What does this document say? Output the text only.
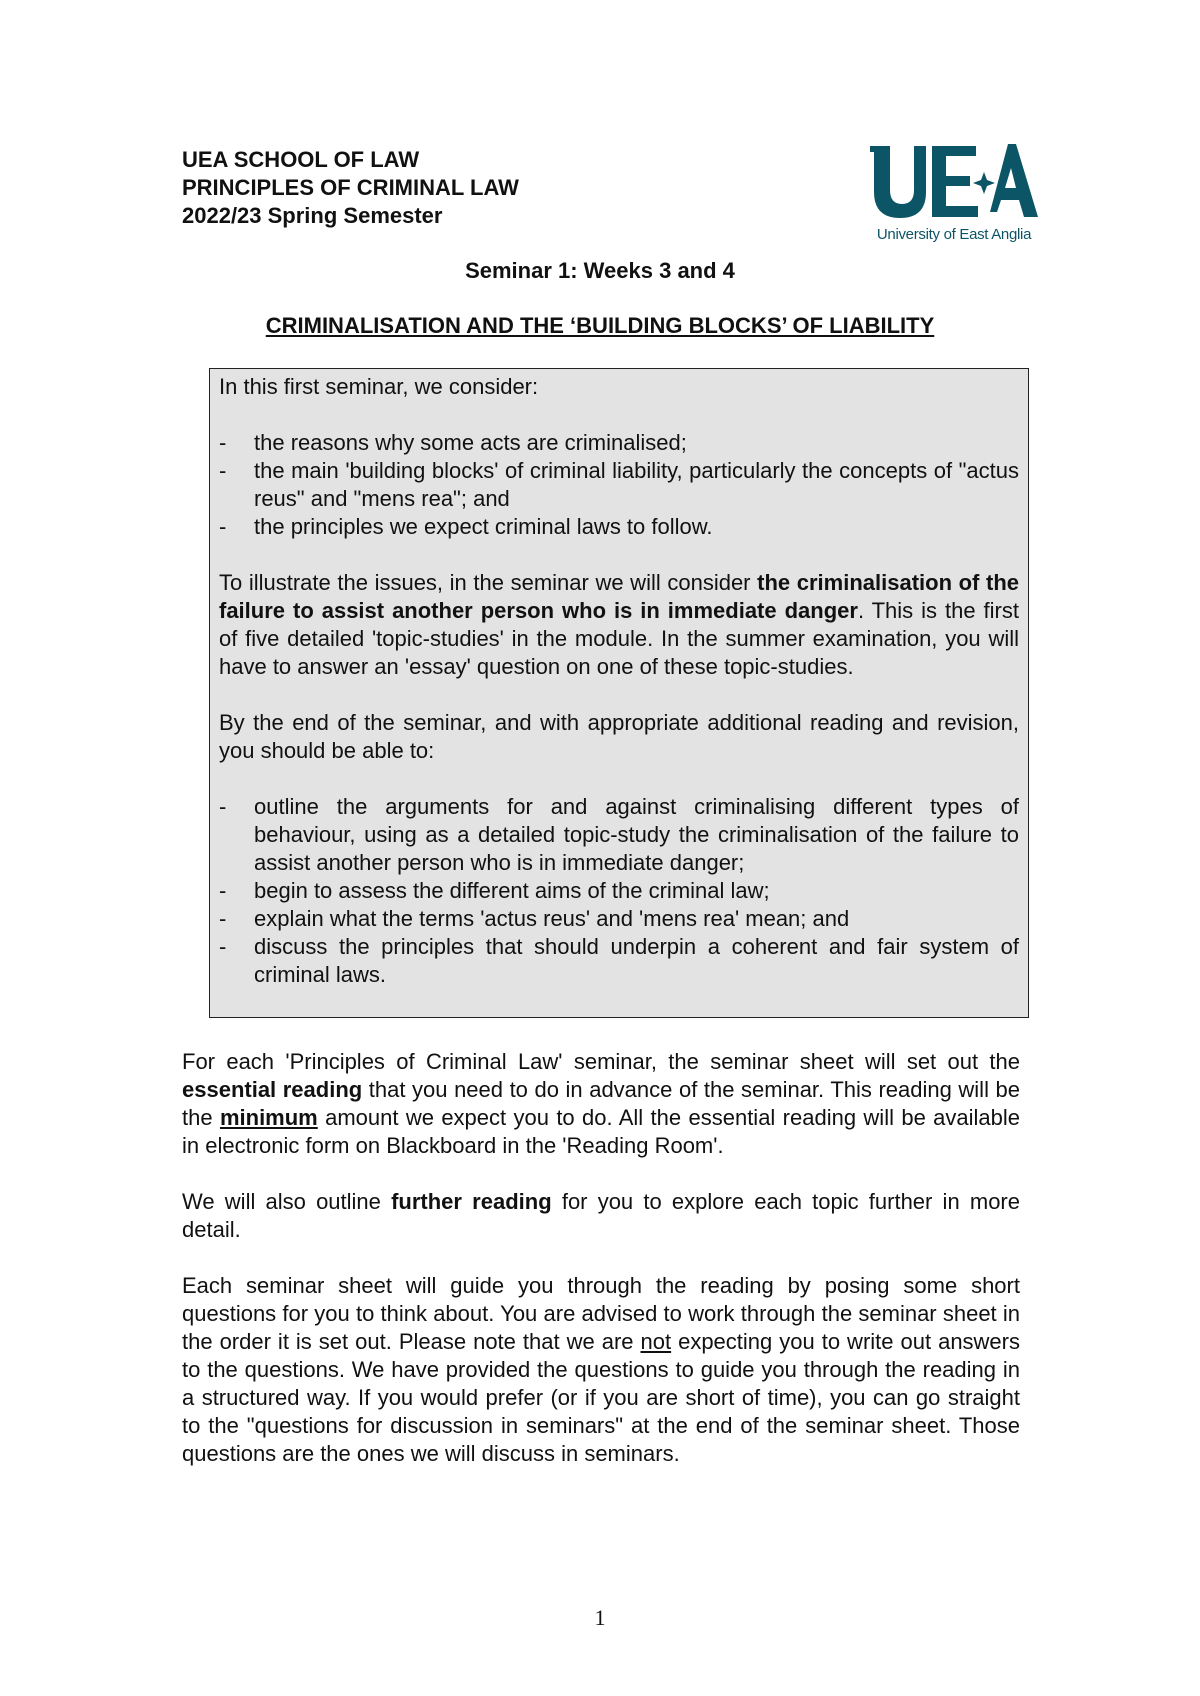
UEA SCHOOL OF LAW
PRINCIPLES OF CRIMINAL LAW
2022/23 Spring Semester
University of East Anglia
Seminar 1: Weeks 3 and 4
CRIMINALISATION AND THE ‘BUILDING BLOCKS’ OF LIABILITY

In this first seminar, we consider:

-	the reasons why some acts are criminalised;
-	the main 'building blocks' of criminal liability, particularly the concepts of "actus reus" and "mens rea"; and
-	the principles we expect criminal laws to follow.

To illustrate the issues, in the seminar we will consider the criminalisation of the failure to assist another person who is in immediate danger. This is the first of five detailed 'topic-studies' in the module. In the summer examination, you will have to answer an 'essay' question on one of these topic-studies.

By the end of the seminar, and with appropriate additional reading and revision, you should be able to:

-	outline the arguments for and against criminalising different types of behaviour, using as a detailed topic-study the criminalisation of the failure to assist another person who is in immediate danger;
-	begin to assess the different aims of the criminal law;
-	explain what the terms 'actus reus' and 'mens rea' mean; and
-	discuss the principles that should underpin a coherent and fair system of criminal laws.

For each 'Principles of Criminal Law' seminar, the seminar sheet will set out the essential reading that you need to do in advance of the seminar. This reading will be the minimum amount we expect you to do. All the essential reading will be available in electronic form on Blackboard in the 'Reading Room'.

We will also outline further reading for you to explore each topic further in more detail.

Each seminar sheet will guide you through the reading by posing some short questions for you to think about. You are advised to work through the seminar sheet in the order it is set out. Please note that we are not expecting you to write out answers to the questions. We have provided the questions to guide you through the reading in a structured way. If you would prefer (or if you are short of time), you can go straight to the "questions for discussion in seminars" at the end of the seminar sheet. Those questions are the ones we will discuss in seminars.

1
